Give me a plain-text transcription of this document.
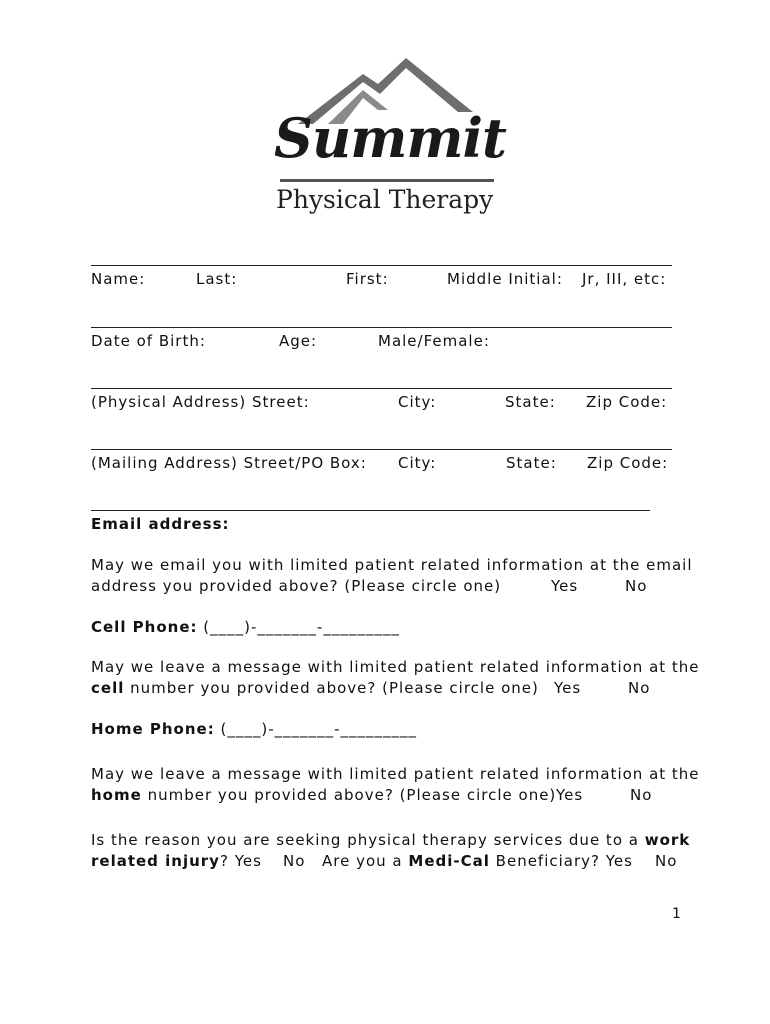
Summit
Physical Therapy
Name:	Last:	First:	Middle Initial: Jr, III, etc:
Date of Birth:	Age:	Male/Female:
(Physical Address) Street:	City:	State: Zip Code:
(Mailing Address) Street/PO Box: City:	State: Zip Code:
Email address:
May we email you with limited patient related information at the email
address you provided above? (Please circle one)	Yes	No
Cell Phone: (____)-_______-_________
May we leave a message with limited patient related information at the
cell number you provided above? (Please circle one) Yes	No
Home Phone: (____)-_______-_________
May we leave a message with limited patient related information at the
home number you provided above? (Please circle one) Yes	No
Is the reason you are seeking physical therapy services due to a work
related injury? Yes No Are you a Medi-Cal Beneficiary? Yes No
1
